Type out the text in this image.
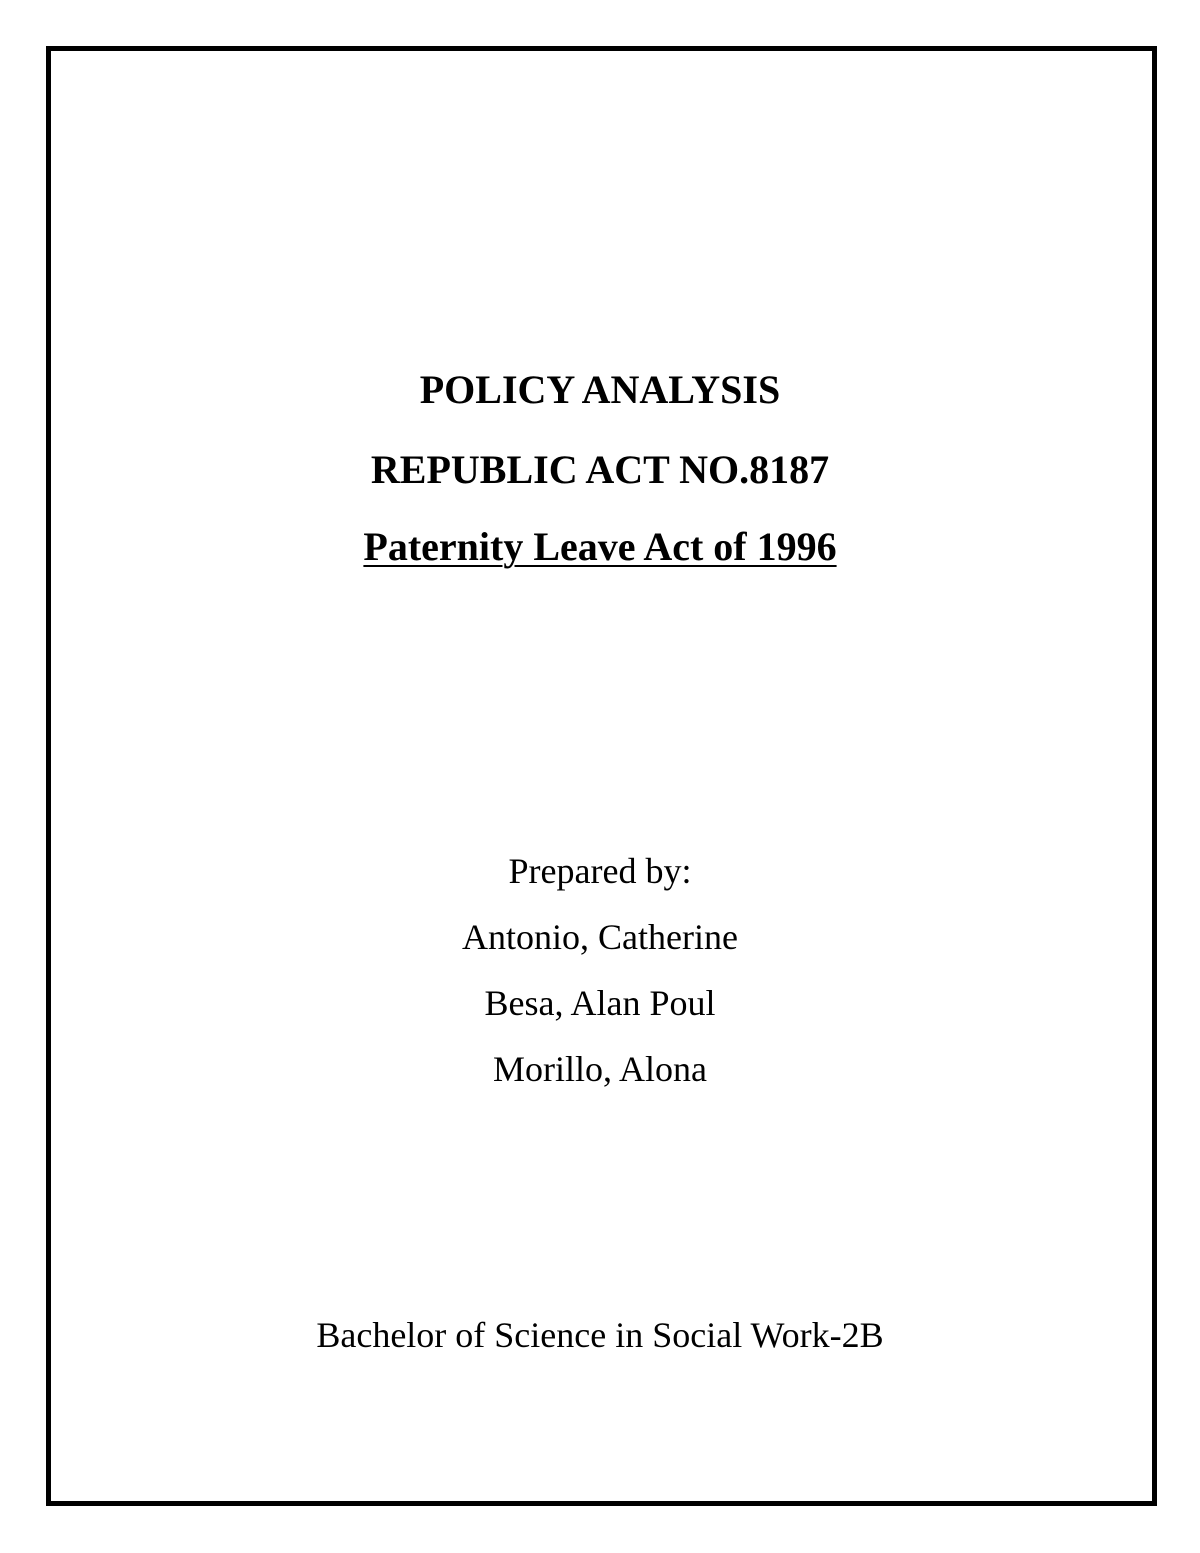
POLICY ANALYSIS
REPUBLIC ACT NO.8187
Paternity Leave Act of 1996
Prepared by:
Antonio, Catherine
Besa, Alan Poul
Morillo, Alona
Bachelor of Science in Social Work-2B
